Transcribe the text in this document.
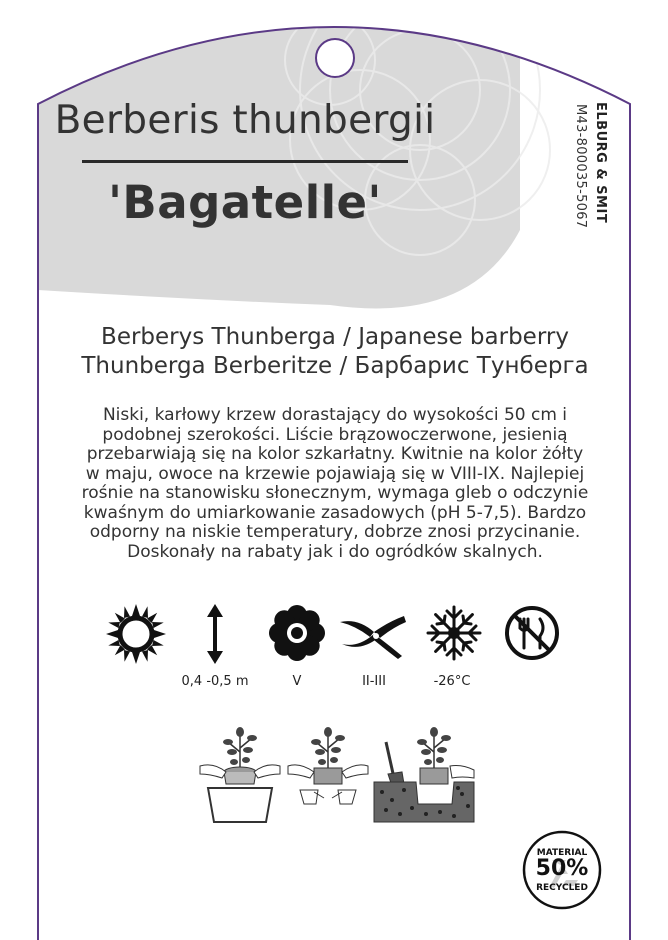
Berberis thunbergii
'Bagatelle'	ELBURG & SMIT
M43-800035-5067
Berberys Thunberga / Japanese barberry
Thunberga Berberitze / Барбарис Тунберга

Niski, karłowy krzew dorastający do wysokości 50 cm i
podobnej szerokości. Liście brązowoczerwone, jesienią
przebarwiają się na kolor szkarłatny. Kwitnie na kolor żółty
w maju, owoce na krzewie pojawiają się w VIII-IX. Najlepiej
rośnie na stanowisku słonecznym, wymaga gleb o odczynie
kwaśnym do umiarkowanie zasadowych (pH 5-7,5). Bardzo
odporny na niskie temperatury, dobrze znosi przycinanie.
Doskonały na rabaty jak i do ogródków skalnych.

0,4 -0,5 m	V	II-III	-26°C
MATERIAL
50%
RECYCLED
